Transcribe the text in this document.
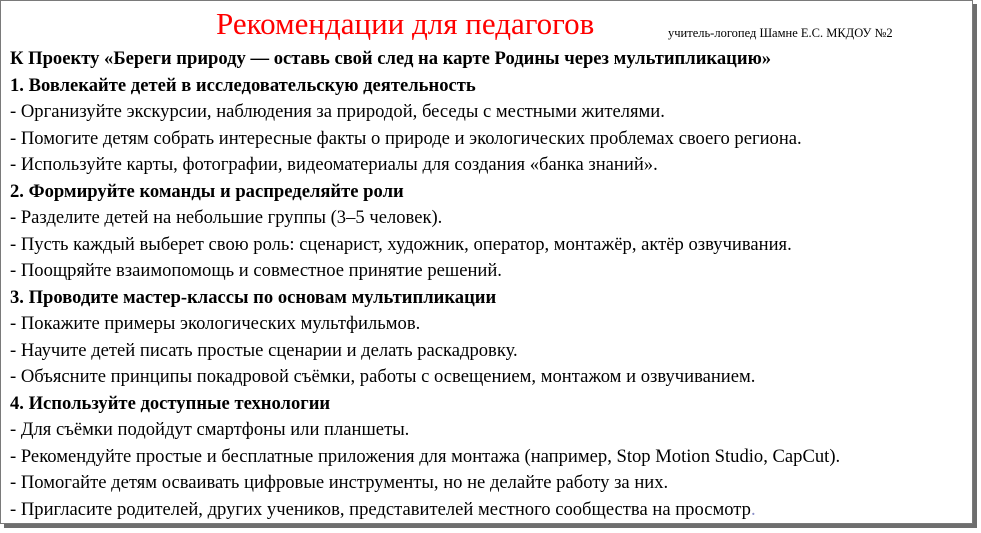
Рекомендации для педагогов	учитель-логопед Шамне Е.С. МКДОУ №2
К Проекту «Береги природу — оставь свой след на карте Родины через мультипликацию»
1. Вовлекайте детей в исследовательскую деятельность
- Организуйте экскурсии, наблюдения за природой, беседы с местными жителями.
- Помогите детям собрать интересные факты о природе и экологических проблемах своего региона.
- Используйте карты, фотографии, видеоматериалы для создания «банка знаний».
2. Формируйте команды и распределяйте роли
- Разделите детей на небольшие группы (3–5 человек).
- Пусть каждый выберет свою роль: сценарист, художник, оператор, монтажёр, актёр озвучивания.
- Поощряйте взаимопомощь и совместное принятие решений.
3. Проводите мастер-классы по основам мультипликации
- Покажите примеры экологических мультфильмов.
- Научите детей писать простые сценарии и делать раскадровку.
- Объясните принципы покадровой съёмки, работы с освещением, монтажом и озвучиванием.
4. Используйте доступные технологии
- Для съёмки подойдут смартфоны или планшеты.
- Рекомендуйте простые и бесплатные приложения для монтажа (например, Stop Motion Studio, CapCut).
- Помогайте детям осваивать цифровые инструменты, но не делайте работу за них.
- Пригласите родителей, других учеников, представителей местного сообщества на просмотр.
